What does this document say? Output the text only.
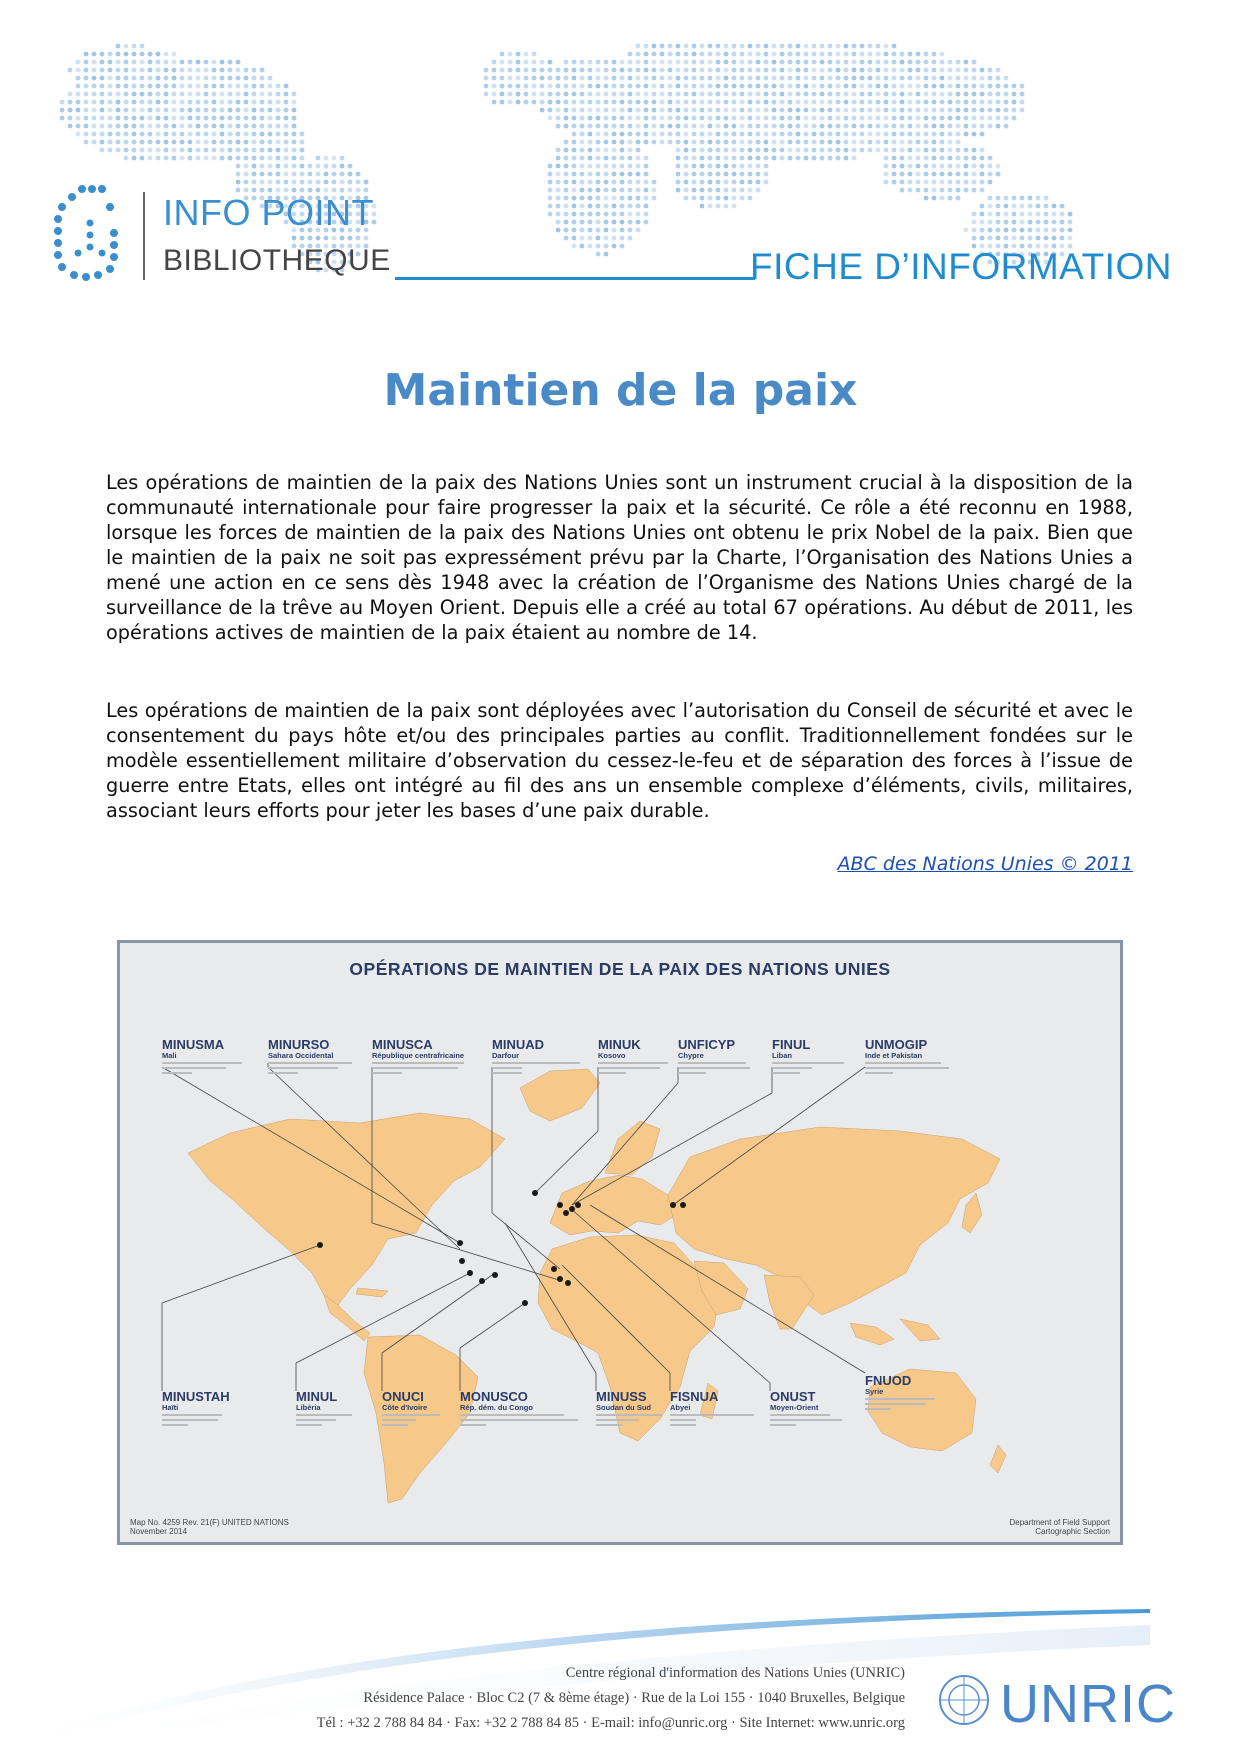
INFO POINT
BIBLIOTHEQUE	FICHE D’INFORMATION
Maintien de la paix

Les opérations de maintien de la paix des Nations Unies sont un instrument crucial à la disposition de la communauté internationale pour faire progresser la paix et la sécurité. Ce rôle a été reconnu en 1988, lorsque les forces de maintien de la paix des Nations Unies ont obtenu le prix Nobel de la paix. Bien que le maintien de la paix ne soit pas expressément prévu par la Charte, l’Organisation des Nations Unies a mené une action en ce sens dès 1948 avec la création de l’Organisme des Nations Unies chargé de la surveillance de la trêve au Moyen Orient. Depuis elle a créé au total 67 opérations. Au début de 2011, les opérations actives de maintien de la paix étaient au nombre de 14.

Les opérations de maintien de la paix sont déployées avec l’autorisation du Conseil de sécurité et avec le consentement du pays hôte et/ou des principales parties au conflit. Traditionnellement fondées sur le modèle essentiellement militaire d’observation du cessez-le-feu et de séparation des forces à l’issue de guerre entre Etats, elles ont intégré au fil des ans un ensemble complexe d’éléments, civils, militaires, associant leurs efforts pour jeter les bases d’une paix durable.

ABC des Nations Unies © 2011
OPÉRATIONS DE MAINTIEN DE LA PAIX DES NATIONS UNIES
MINUSMA
Mali
MINURSO
Sahara Occidental
MINUSCA
République centrafricaine
MINUAD
Darfour
MINUK
Kosovo
UNFICYP
Chypre
FINUL
Liban
UNMOGIP
Inde et Pakistan
MINUSTAH
Haïti
MINUL
Libéria
ONUCI
Côte d'Ivoire
MONUSCO
Rép. dém. du Congo
MINUSS
Soudan du Sud
FISNUA
Abyei
ONUST
Moyen-Orient
FNUOD
Syrie
Map No. 4259 Rev. 21(F) UNITED NATIONS
November 2014
Department of Field Support
Cartographic Section
Centre régional d'information des Nations Unies (UNRIC)
Résidence Palace · Bloc C2 (7 & 8ème étage) · Rue de la Loi 155 · 1040 Bruxelles, Belgique
Tél : +32 2 788 84 84 · Fax: +32 2 788 84 85 · E-mail: info@unric.org · Site Internet: www.unric.org UNRIC
